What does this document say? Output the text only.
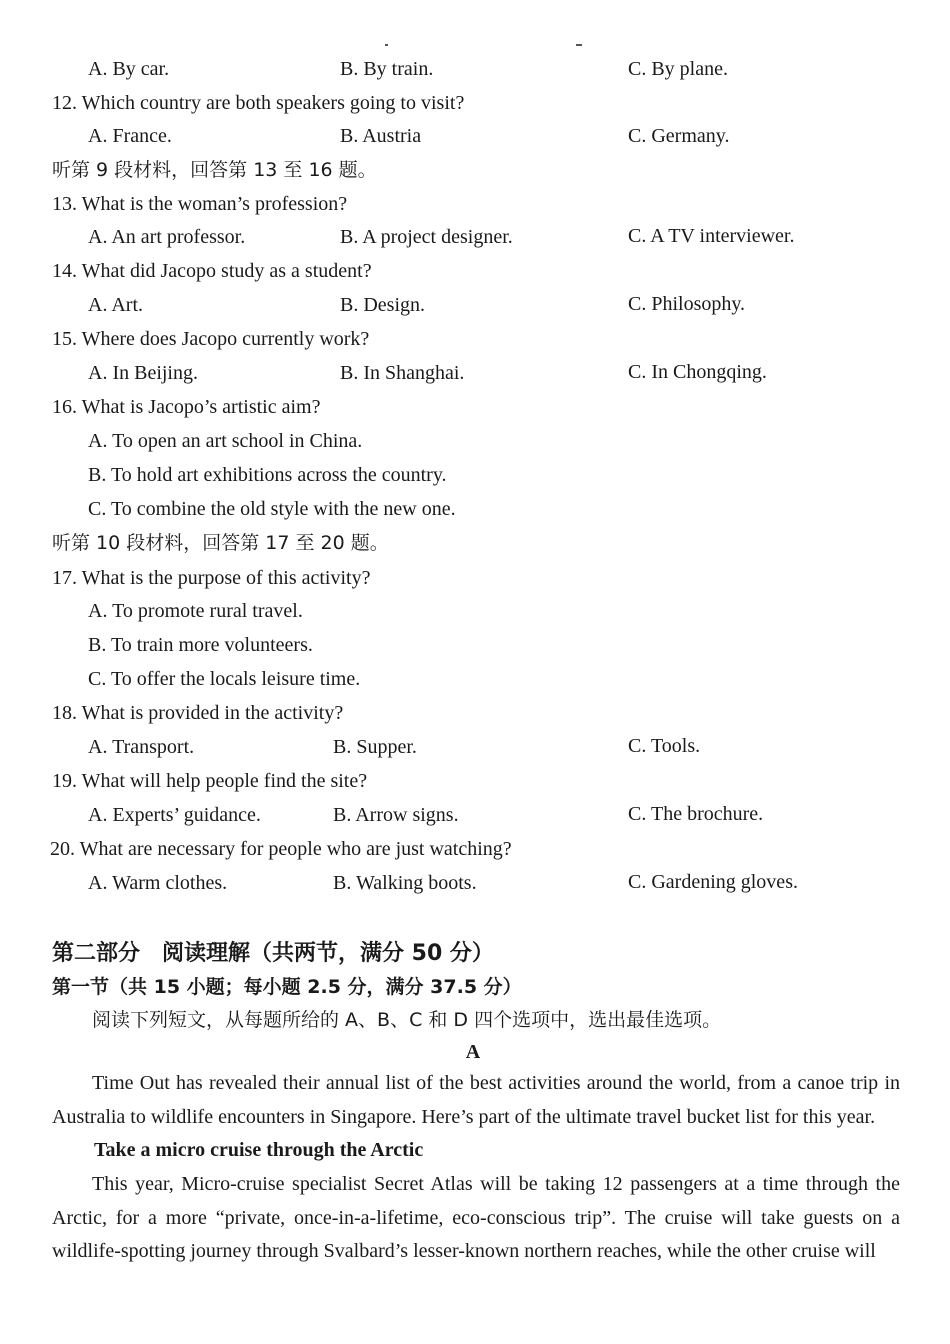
A. By car.	B. By train.	C. By plane.
12. Which country are both speakers going to visit?
A. France.	B. Austria	C. Germany.
听第 9 段材料，回答第 13 至 16 题。
13. What is the woman’s profession?
A. An art professor.	B. A project designer.	C. A TV interviewer.
14. What did Jacopo study as a student?
A. Art.	B. Design.	C. Philosophy.
15. Where does Jacopo currently work?
A. In Beijing.	B. In Shanghai.	C. In Chongqing.
16. What is Jacopo’s artistic aim?
A. To open an art school in China.
B. To hold art exhibitions across the country.
C. To combine the old style with the new one.
听第 10 段材料，回答第 17 至 20 题。
17. What is the purpose of this activity?
A. To promote rural travel.
B. To train more volunteers.
C. To offer the locals leisure time.
18. What is provided in the activity?
A. Transport.	B. Supper.	C. Tools.
19. What will help people find the site?
A. Experts’ guidance.	B. Arrow signs.	C. The brochure.
20. What are necessary for people who are just watching?
A. Warm clothes.	B. Walking boots.	C. Gardening gloves.
第二部分　阅读理解（共两节，满分 50 分）
第一节（共 15 小题；每小题 2.5 分，满分 37.5 分）
阅读下列短文，从每题所给的 A、B、C 和 D 四个选项中，选出最佳选项。
A
Time Out has revealed their annual list of the best activities around the world, from a canoe trip in Australia to wildlife encounters in Singapore. Here’s part of the ultimate travel bucket list for this year.
Take a micro cruise through the Arctic
This year, Micro-cruise specialist Secret Atlas will be taking 12 passengers at a time through the Arctic, for a more “private, once-in-a-lifetime, eco-conscious trip”. The cruise will take guests on a wildlife-spotting journey through Svalbard’s lesser-known northern reaches, while the other cruise will
